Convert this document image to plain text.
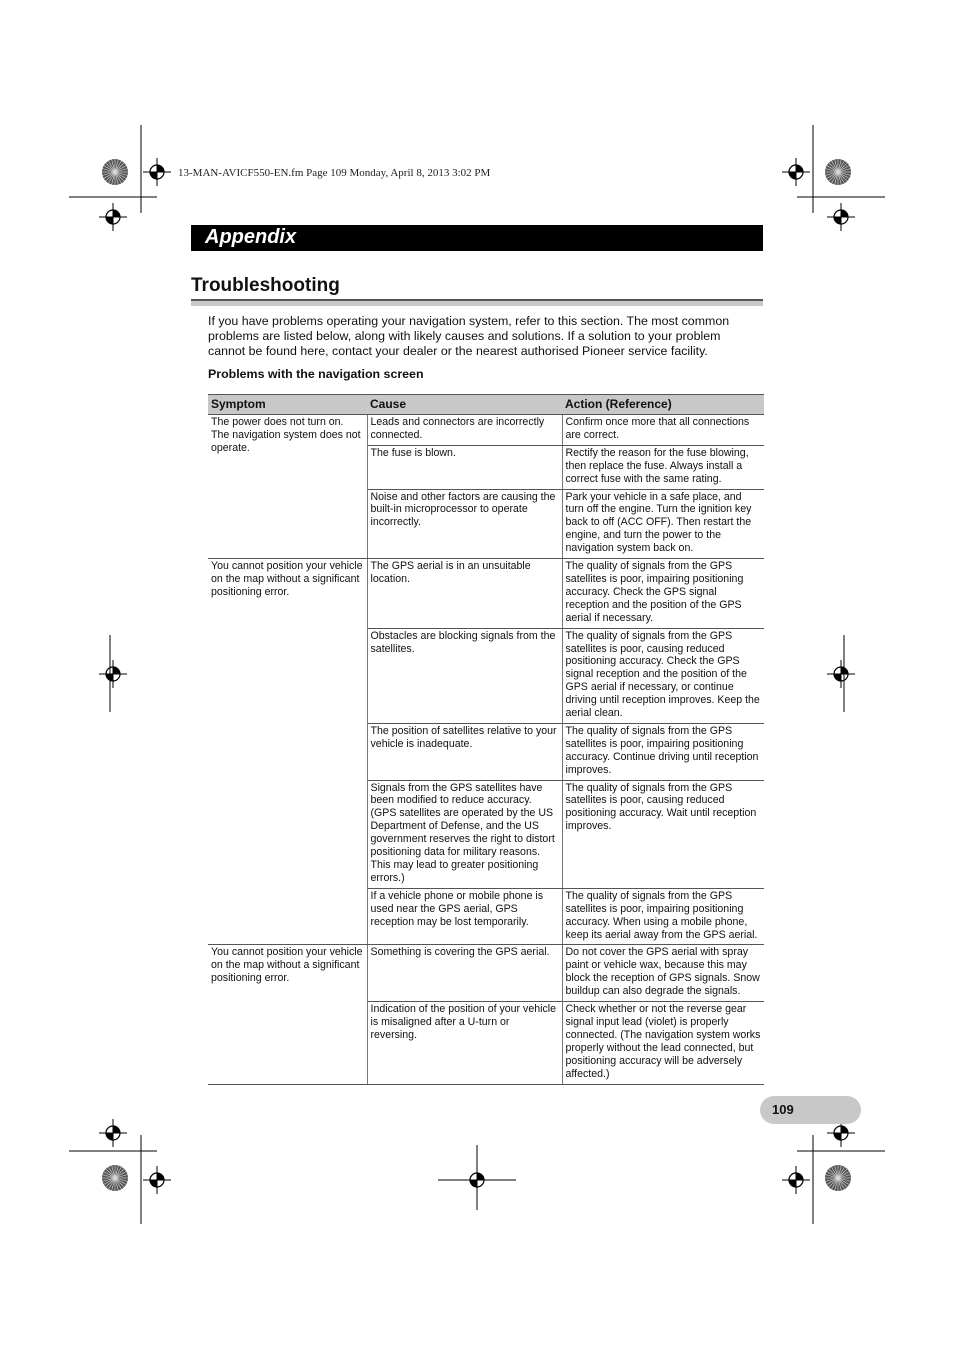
13-MAN-AVICF550-EN.fm Page 109 Monday, April 8, 2013 3:02 PM
Appendix
Troubleshooting
If you have problems operating your navigation system, refer to this section. The most common problems are listed below, along with likely causes and solutions. If a solution to your problem cannot be found here, contact your dealer or the nearest authorised Pioneer service facility.
Problems with the navigation screen
Symptom	Cause	Action (Reference)
The power does not turn on. The navigation system does not operate.	Leads and connectors are incorrectly connected.	Confirm once more that all connections are correct.
	The fuse is blown.	Rectify the reason for the fuse blowing, then replace the fuse. Always install a correct fuse with the same rating.
	Noise and other factors are causing the built-in microprocessor to operate incorrectly.	Park your vehicle in a safe place, and turn off the engine. Turn the ignition key back to off (ACC OFF). Then restart the engine, and turn the power to the navigation system back on.
You cannot position your vehicle on the map without a significant positioning error.	The GPS aerial is in an unsuitable location.	The quality of signals from the GPS satellites is poor, impairing positioning accuracy. Check the GPS signal reception and the position of the GPS aerial if necessary.
	Obstacles are blocking signals from the satellites.	The quality of signals from the GPS satellites is poor, causing reduced positioning accuracy. Check the GPS signal reception and the position of the GPS aerial if necessary, or continue driving until reception improves. Keep the aerial clean.
	The position of satellites relative to your vehicle is inadequate.	The quality of signals from the GPS satellites is poor, impairing positioning accuracy. Continue driving until reception improves.
	Signals from the GPS satellites have been modified to reduce accuracy. (GPS satellites are operated by the US Department of Defense, and the US government reserves the right to distort positioning data for military reasons. This may lead to greater positioning errors.)	The quality of signals from the GPS satellites is poor, causing reduced positioning accuracy. Wait until reception improves.
	If a vehicle phone or mobile phone is used near the GPS aerial, GPS reception may be lost temporarily.	The quality of signals from the GPS satellites is poor, impairing positioning accuracy. When using a mobile phone, keep its aerial away from the GPS aerial.
You cannot position your vehicle on the map without a significant positioning error.	Something is covering the GPS aerial.	Do not cover the GPS aerial with spray paint or vehicle wax, because this may block the reception of GPS signals. Snow buildup can also degrade the signals.
	Indication of the position of your vehicle is misaligned after a U-turn or reversing.	Check whether or not the reverse gear signal input lead (violet) is properly connected. (The navigation system works properly without the lead connected, but positioning accuracy will be adversely affected.)
109
